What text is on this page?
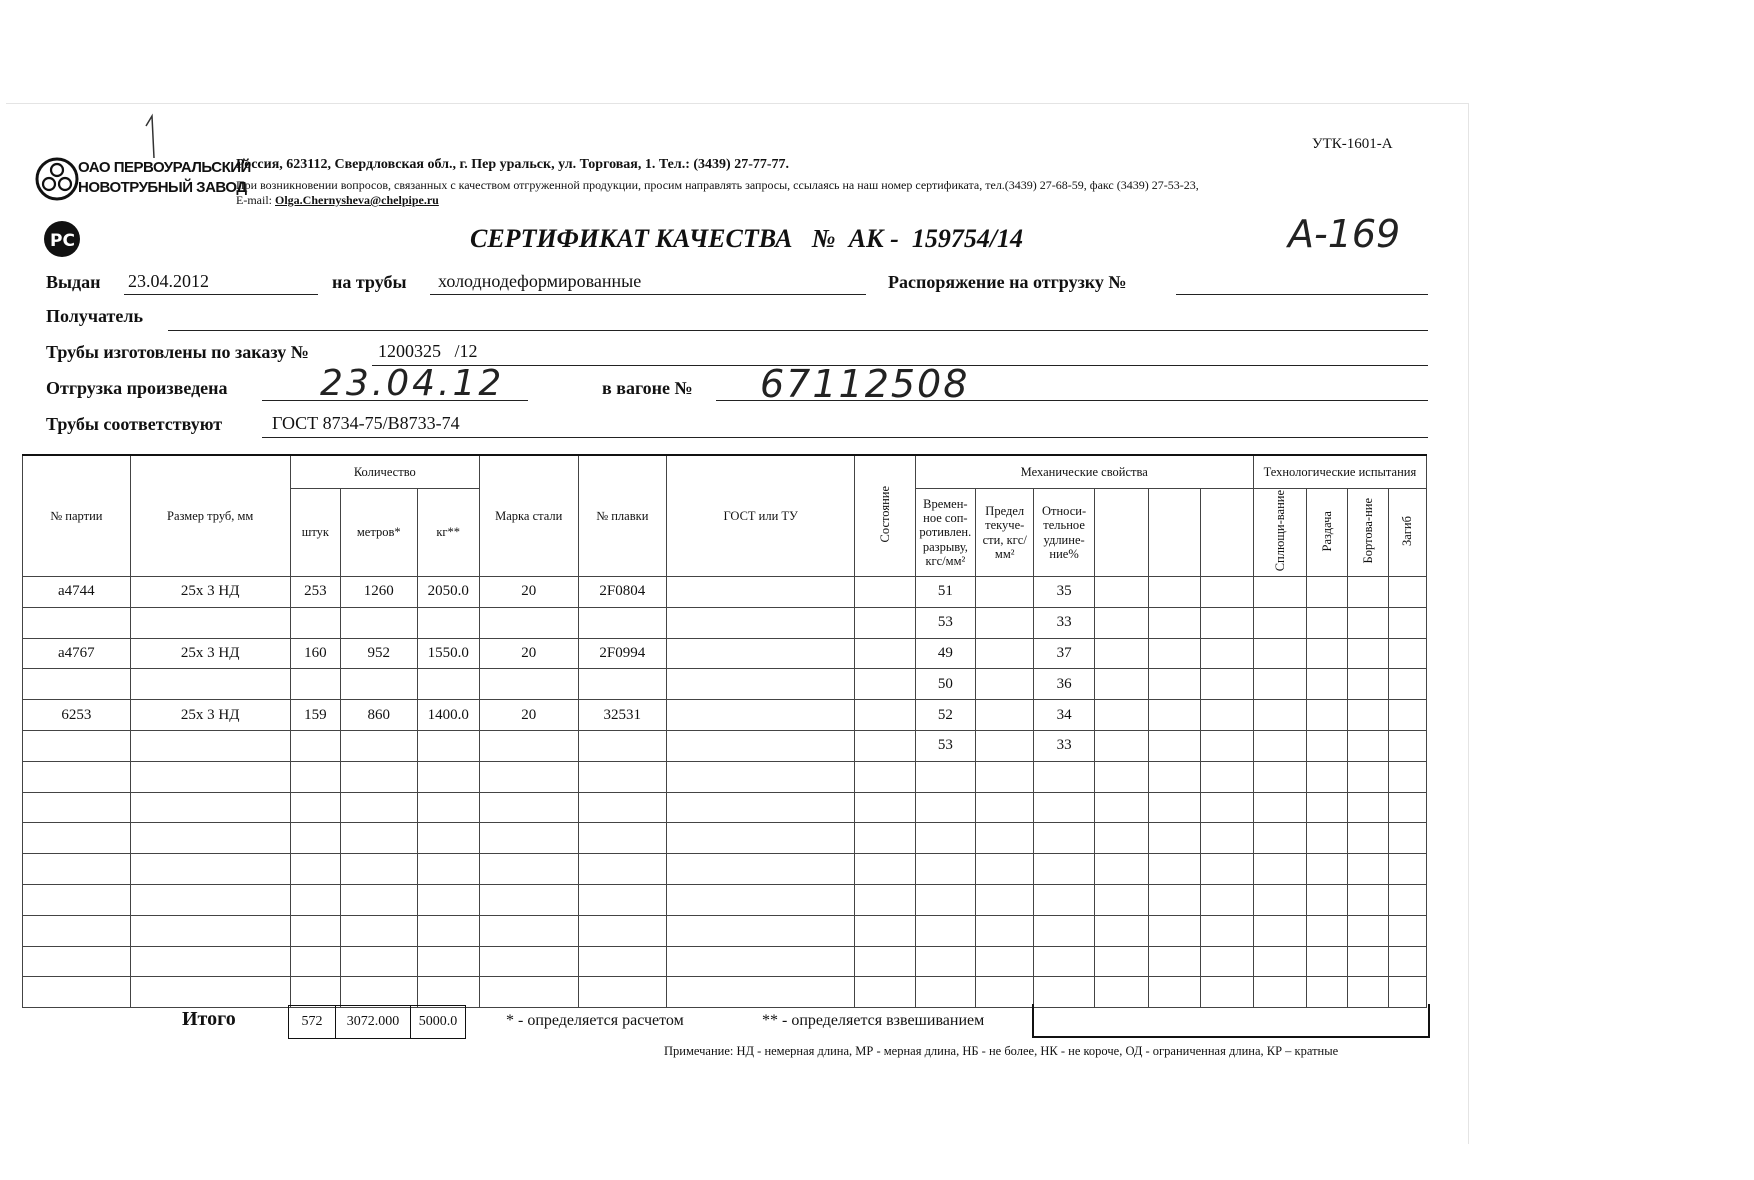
УТК-1601-А
ОАО ПЕРВОУРАЛЬСКИЙ
НОВОТРУБНЫЙ ЗАВОД
Россия, 623112, Свердловская обл., г. Пер уральск, ул. Торговая, 1. Тел.: (3439) 27-77-77.
При возникновении вопросов, связанных с качеством отгруженной продукции, просим направлять запросы, ссылаясь на наш номер сертификата, тел.(3439) 27-68-59, факс (3439) 27-53-23,
E-mail: Olga.Chernysheva@chelpipe.ru
PC	СЕРТИФИКАТ КАЧЕСТВА   №  АК -  159754/14	А-169
Выдан 23.04.2012	на трубы холоднодеформированные	Распоряжение на отгрузку №
Получатель
Трубы изготовлены по заказу №	1200325   /12
Отгрузка произведена	23.04.12	в вагоне № 67112508
Трубы соответствуют	ГОСТ 8734-75/В8733-74
№ партии	Размер труб, мм	Количество			Марка стали	№ плавки	ГОСТ или ТУ	Состояние	Механические свойства						Технологические испытания			
		штук	метров*	кг**					Времен-ное соп-ротивлен. разрыву, кгс/мм²	Предел текуче-сти, кгс/мм²	Относи-тельное удлине-ние%				Сплющи-вание	Раздача	Бортова-ние	Загиб
а4744	25х 3 НД	253	1260	2050.0	20	2F0804			51		35							
									53		33							
а4767	25х 3 НД	160	952	1550.0	20	2F0994			49		37							
									50		36							
6253	25х 3 НД	159	860	1400.0	20	32531			52		34							
									53		33							

Итого	572	3072.000	5000.0	* - определяется расчетом	** - определяется взвешиванием
Примечание: НД - немерная длина, МР - мерная длина, НБ - не более, НК - не короче, ОД - ограниченная длина, КР – кратные
